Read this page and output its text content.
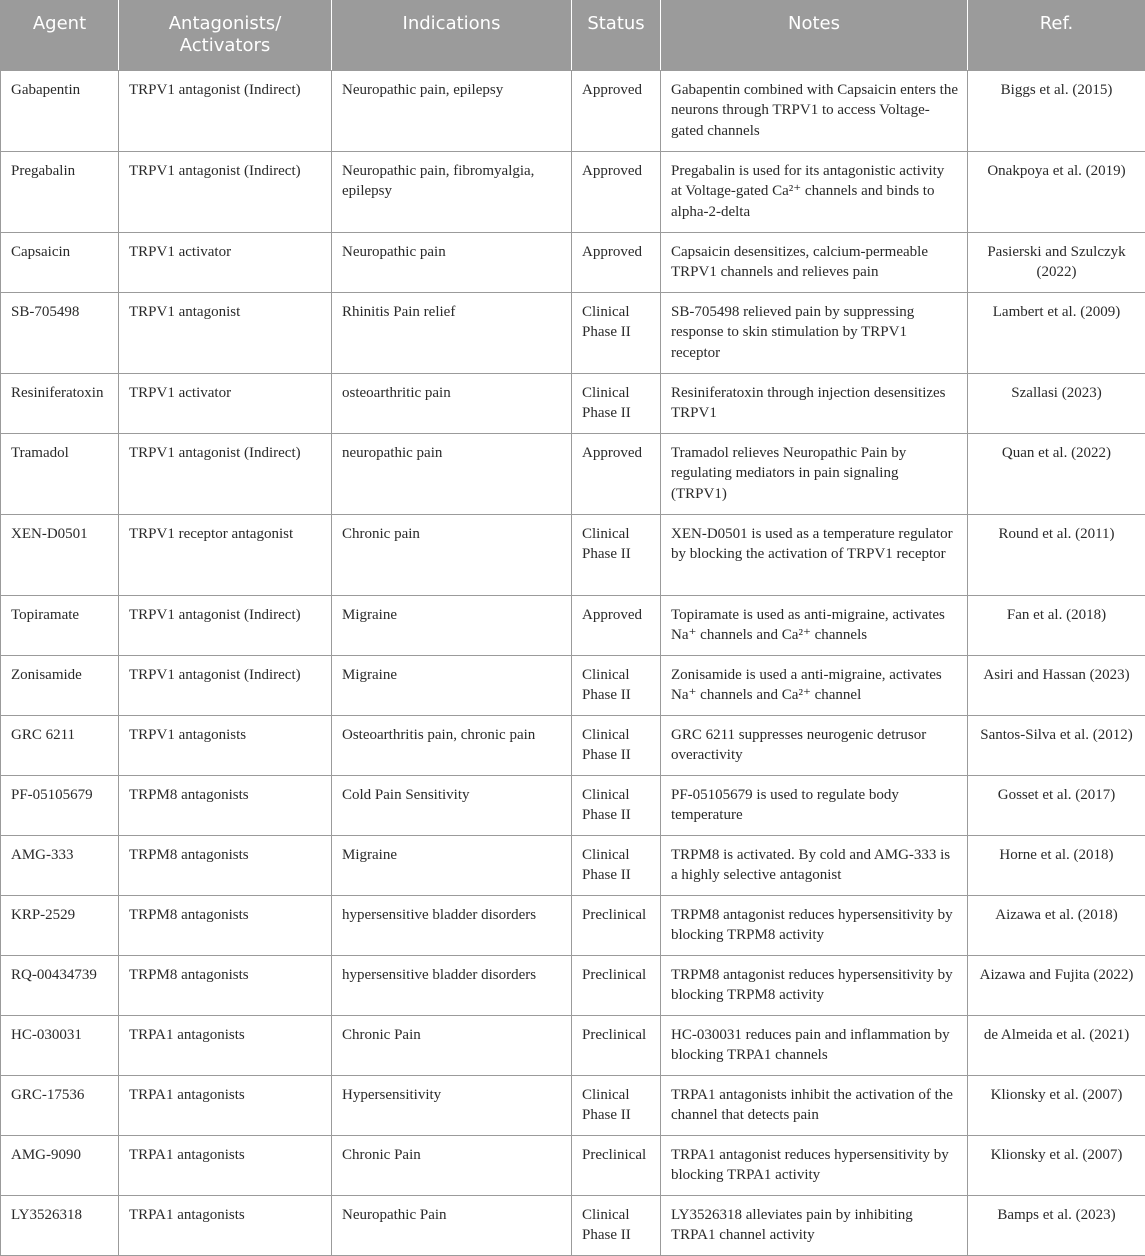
Agent	Antagonists/ Activators	Indications	Status	Notes	Ref.
Gabapentin	TRPV1 antagonist (Indirect)	Neuropathic pain, epilepsy	Approved	Gabapentin combined with Capsaicin enters the neurons through TRPV1 to access Voltage-gated channels	Biggs et al. (2015)
Pregabalin	TRPV1 antagonist (Indirect)	Neuropathic pain, fibromyalgia, epilepsy	Approved	Pregabalin is used for its antagonistic activity at Voltage-gated Ca²⁺ channels and binds to alpha-2-delta	Onakpoya et al. (2019)
Capsaicin	TRPV1 activator	Neuropathic pain	Approved	Capsaicin desensitizes, calcium-permeable TRPV1 channels and relieves pain	Pasierski and Szulczyk (2022)
SB-705498	TRPV1 antagonist	Rhinitis Pain relief	Clinical Phase II	SB-705498 relieved pain by suppressing response to skin stimulation by TRPV1 receptor	Lambert et al. (2009)
Resiniferatoxin	TRPV1 activator	osteoarthritic pain	Clinical Phase II	Resiniferatoxin through injection desensitizes TRPV1	Szallasi (2023)
Tramadol	TRPV1 antagonist (Indirect)	neuropathic pain	Approved	Tramadol relieves Neuropathic Pain by regulating mediators in pain signaling (TRPV1)	Quan et al. (2022)
XEN-D0501	TRPV1 receptor antagonist	Chronic pain	Clinical Phase II	XEN-D0501 is used as a temperature regulator by blocking the activation of TRPV1 receptor	Round et al. (2011)
Topiramate	TRPV1 antagonist (Indirect)	Migraine	Approved	Topiramate is used as anti-migraine, activates Na⁺ channels and Ca²⁺ channels	Fan et al. (2018)
Zonisamide	TRPV1 antagonist (Indirect)	Migraine	Clinical Phase II	Zonisamide is used a anti-migraine, activates Na⁺ channels and Ca²⁺ channel	Asiri and Hassan (2023)
GRC 6211	TRPV1 antagonists	Osteoarthritis pain, chronic pain	Clinical Phase II	GRC 6211 suppresses neurogenic detrusor overactivity	Santos-Silva et al. (2012)
PF-05105679	TRPM8 antagonists	Cold Pain Sensitivity	Clinical Phase II	PF-05105679 is used to regulate body temperature	Gosset et al. (2017)
AMG-333	TRPM8 antagonists	Migraine	Clinical Phase II	TRPM8 is activated. By cold and AMG-333 is a highly selective antagonist	Horne et al. (2018)
KRP-2529	TRPM8 antagonists	hypersensitive bladder disorders	Preclinical	TRPM8 antagonist reduces hypersensitivity by blocking TRPM8 activity	Aizawa et al. (2018)
RQ-00434739	TRPM8 antagonists	hypersensitive bladder disorders	Preclinical	TRPM8 antagonist reduces hypersensitivity by blocking TRPM8 activity	Aizawa and Fujita (2022)
HC-030031	TRPA1 antagonists	Chronic Pain	Preclinical	HC-030031 reduces pain and inflammation by blocking TRPA1 channels	de Almeida et al. (2021)
GRC-17536	TRPA1 antagonists	Hypersensitivity	Clinical Phase II	TRPA1 antagonists inhibit the activation of the channel that detects pain	Klionsky et al. (2007)
AMG-9090	TRPA1 antagonists	Chronic Pain	Preclinical	TRPA1 antagonist reduces hypersensitivity by blocking TRPA1 activity	Klionsky et al. (2007)
LY3526318	TRPA1 antagonists	Neuropathic Pain	Clinical Phase II	LY3526318 alleviates pain by inhibiting TRPA1 channel activity	Bamps et al. (2023)
